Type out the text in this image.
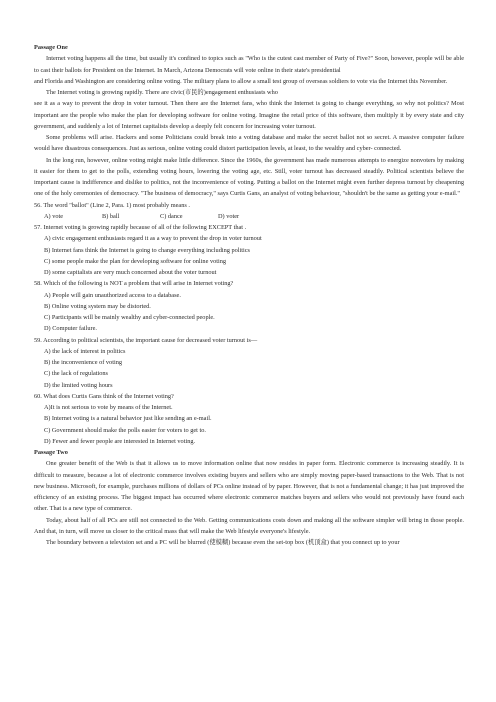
Passage One

Internet voting happens all the time, but usually it's confined to topics such as "Who is the cutest cast member of Party of Five?" Soon, however, people will be able to cast their ballots for President on the Internet. In March, Arizona Democrats will vote online in their state's presidential

and Florida and Washington are considering online voting. The military plans to allow a small test group of overseas soldiers to vote via the Internet this November.

The Internet voting is growing rapidly. There are civic(市民的)engagement enthusiasts who

see it as a way to prevent the drop in voter turnout. Then there are the Internet fans, who think the Internet is going to change everything, so why not politics? Most important are the people who make the plan for developing software for online voting. Imagine the retail price of this software, then multiply it by every state and city government, and suddenly a lot of Internet capitalists develop a deeply felt concern for increasing voter turnout.

Some problems will arise. Hackers and some Politicians could break into a voting database and make the secret ballot not so secret. A massive computer failure would have disastrous consequences. Just as serious, online voting could distort participation levels, at least, to the wealthy and cyber- connected.

In the long run, however, online voting might make little difference. Since the 1960s, the government has made numerous attempts to energize nonvoters by making it easier for them to get to the polls, extending voting hours, lowering the voting age, etc. Still, voter turnout has decreased steadily. Political scientists believe the important cause is indifference and dislike to politics, not the inconvenience of voting. Putting a ballot on the Internet might even further depress turnout by cheapening one of the holy ceremonies of democracy. "The business of democracy," says Curtis Gans, an analyst of voting behaviour, "shouldn't be the same as getting your e-mail."

56. The word "ballot" (Line 2, Para. 1) most probably means .

A) vote	B) ball	C) dance	D) voter

57. Internet voting is growing rapidly because of all of the following EXCEPT that .

A) civic engagement enthusiasts regard it as a way to prevent the drop in voter turnout

B) Internet fans think the Internet is going to change everything including politics

C) some people make the plan for developing software for online voting

D) some capitalists are very much concerned about the voter turnout

58. Which of the following is NOT a problem that will arise in Internet voting?

A) People will gain unauthorized access to a database.

B) Online voting system may be distorted.

C) Participants will be mainly wealthy and cyber-connected people.

D) Computer failure.

59. According to political scientists, the important cause for decreased voter turnout is—

A) the lack of interest in politics

B) the inconvenience of voting

C) the lack of regulations

D) the limited voting hours

60. What does Curtis Gans think of the Internet voting?

A)It is not serious to vote by means of the Internet.

B) Internet voting is a natural behavior just like sending an e-mail.

C) Government should make the polls easier for voters to get to.

D) Fewer and fewer people are interested in Internet voting.

Passage Two

One greater benefit of the Web is that it allows us to move information online that now resides in paper form. Electronic commerce is increasing steadily. It is difficult to measure, because a lot of electronic commerce involves existing buyers and sellers who are simply moving paper-based transactions to the Web. That is not new business. Microsoft, for example, purchases millions of dollars of PCs online instead of by paper. However, that is not a fundamental change; it has just improved the efficiency of an existing process. The biggest impact has occurred where electronic commerce matches buyers and sellers who would not previously have found each other. That is a new type of commerce.

Today, about half of all PCs are still not connected to the Web. Getting communications costs down and making all the software simpler will bring in those people. And that, in turn, will move us closer to the critical mass that will make the Web lifestyle everyone's lifestyle.

The boundary between a television set and a PC will be blurred (使模糊) because even the set-top box (机顶盒) that you connect up to your
